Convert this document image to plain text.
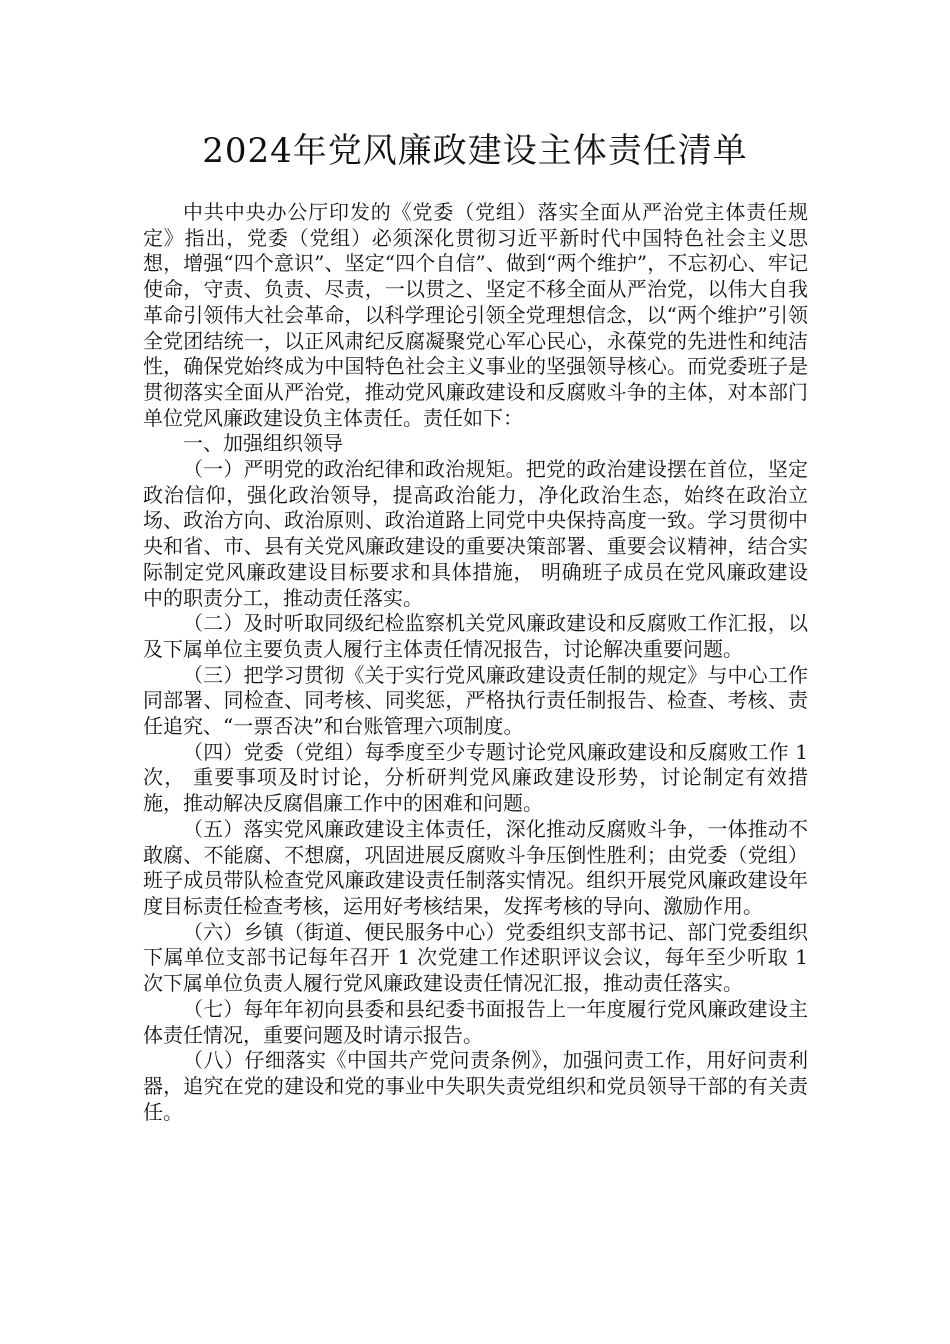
2024年党风廉政建设主体责任清单

中共中央办公厅印发的《党委（党组）落实全面从严治党主体责任规定》指出，党委（党组）必须深化贯彻习近平新时代中国特色社会主义思想，增强“四个意识”、坚定“四个自信”、做到“两个维护”，不忘初心、牢记使命，守责、负责、尽责，一以贯之、坚定不移全面从严治党，以伟大自我革命引领伟大社会革命，以科学理论引领全党理想信念，以“两个维护”引领全党团结统一，以正风肃纪反腐凝聚党心军心民心，永葆党的先进性和纯洁性，确保党始终成为中国特色社会主义事业的坚强领导核心。而党委班子是贯彻落实全面从严治党，推动党风廉政建设和反腐败斗争的主体，对本部门单位党风廉政建设负主体责任。责任如下：

一、加强组织领导

（一）严明党的政治纪律和政治规矩。把党的政治建设摆在首位，坚定政治信仰，强化政治领导，提高政治能力，净化政治生态，始终在政治立场、政治方向、政治原则、政治道路上同党中央保持高度一致。学习贯彻中央和省、市、县有关党风廉政建设的重要决策部署、重要会议精神，结合实际制定党风廉政建设目标要求和具体措施， 明确班子成员在党风廉政建设中的职责分工，推动责任落实。

（二）及时听取同级纪检监察机关党风廉政建设和反腐败工作汇报，以及下属单位主要负责人履行主体责任情况报告，讨论解决重要问题。

（三）把学习贯彻《关于实行党风廉政建设责任制的规定》与中心工作同部署、同检查、同考核、同奖惩，严格执行责任制报告、检查、考核、责任追究、“一票否决”和台账管理六项制度。

（四）党委（党组）每季度至少专题讨论党风廉政建设和反腐败工作 1 次， 重要事项及时讨论，分析研判党风廉政建设形势，讨论制定有效措施，推动解决反腐倡廉工作中的困难和问题。

（五）落实党风廉政建设主体责任，深化推动反腐败斗争，一体推动不敢腐、不能腐、不想腐，巩固进展反腐败斗争压倒性胜利；由党委（党组）班子成员带队检查党风廉政建设责任制落实情况。组织开展党风廉政建设年度目标责任检查考核，运用好考核结果，发挥考核的导向、激励作用。

（六）乡镇（街道、便民服务中心）党委组织支部书记、部门党委组织下属单位支部书记每年召开 1 次党建工作述职评议会议，每年至少听取 1 次下属单位负责人履行党风廉政建设责任情况汇报，推动责任落实。

（七）每年年初向县委和县纪委书面报告上一年度履行党风廉政建设主体责任情况，重要问题及时请示报告。

（八）仔细落实《中国共产党问责条例》，加强问责工作，用好问责利器，追究在党的建设和党的事业中失职失责党组织和党员领导干部的有关责任。
